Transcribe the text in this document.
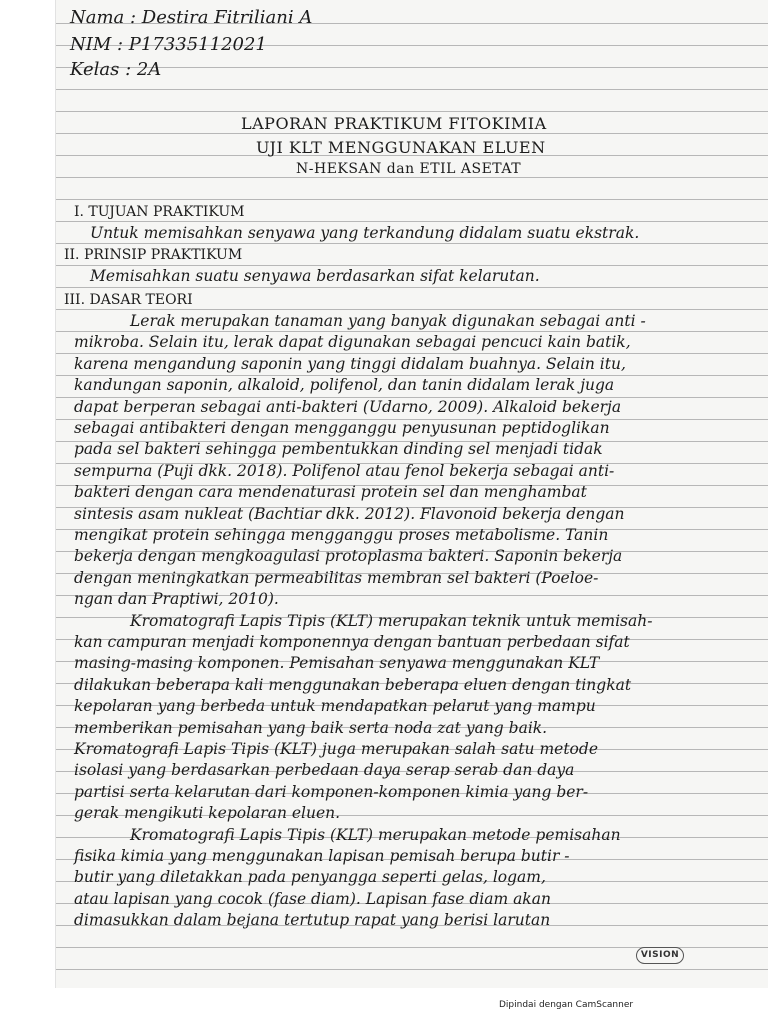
Nama : Destira Fitriliani A
NIM : P17335112021
Kelas : 2A
LAPORAN PRAKTIKUM FITOKIMIA
UJI KLT MENGGUNAKAN ELUEN
N-HEKSAN dan ETIL ASETAT
I. TUJUAN PRAKTIKUM
Untuk memisahkan senyawa yang terkandung didalam suatu ekstrak.
II. PRINSIP PRAKTIKUM
Memisahkan suatu senyawa berdasarkan sifat kelarutan.
III. DASAR TEORI
Lerak merupakan tanaman yang banyak digunakan sebagai anti -
mikroba. Selain itu, lerak dapat digunakan sebagai pencuci kain batik,
karena mengandung saponin yang tinggi didalam buahnya. Selain itu,
kandungan saponin, alkaloid, polifenol, dan tanin didalam lerak juga
dapat berperan sebagai anti-bakteri (Udarno, 2009). Alkaloid bekerja
sebagai antibakteri dengan mengganggu penyusunan peptidoglikan
pada sel bakteri sehingga pembentukkan dinding sel menjadi tidak
sempurna (Puji dkk. 2018). Polifenol atau fenol bekerja sebagai anti-
bakteri dengan cara mendenaturasi protein sel dan menghambat
sintesis asam nukleat (Bachtiar dkk. 2012). Flavonoid bekerja dengan
mengikat protein sehingga mengganggu proses metabolisme. Tanin
bekerja dengan mengkoagulasi protoplasma bakteri. Saponin bekerja
dengan meningkatkan permeabilitas membran sel bakteri (Poeloe-
ngan dan Praptiwi, 2010).
Kromatografi Lapis Tipis (KLT) merupakan teknik untuk memisah-
kan campuran menjadi komponennya dengan bantuan perbedaan sifat
masing-masing komponen. Pemisahan senyawa menggunakan KLT
dilakukan beberapa kali menggunakan beberapa eluen dengan tingkat
kepolaran yang berbeda untuk mendapatkan pelarut yang mampu
memberikan pemisahan yang baik serta noda zat yang baik.
Kromatografi Lapis Tipis (KLT) juga merupakan salah satu metode
isolasi yang berdasarkan perbedaan daya serap serab dan daya
partisi serta kelarutan dari komponen-komponen kimia yang ber-
gerak mengikuti kepolaran eluen.
Kromatografi Lapis Tipis (KLT) merupakan metode pemisahan
fisika kimia yang menggunakan lapisan pemisah berupa butir -
butir yang diletakkan pada penyangga seperti gelas, logam,
atau lapisan yang cocok (fase diam). Lapisan fase diam akan
dimasukkan dalam bejana tertutup rapat yang berisi larutan
VISION
Dipindai dengan CamScanner
